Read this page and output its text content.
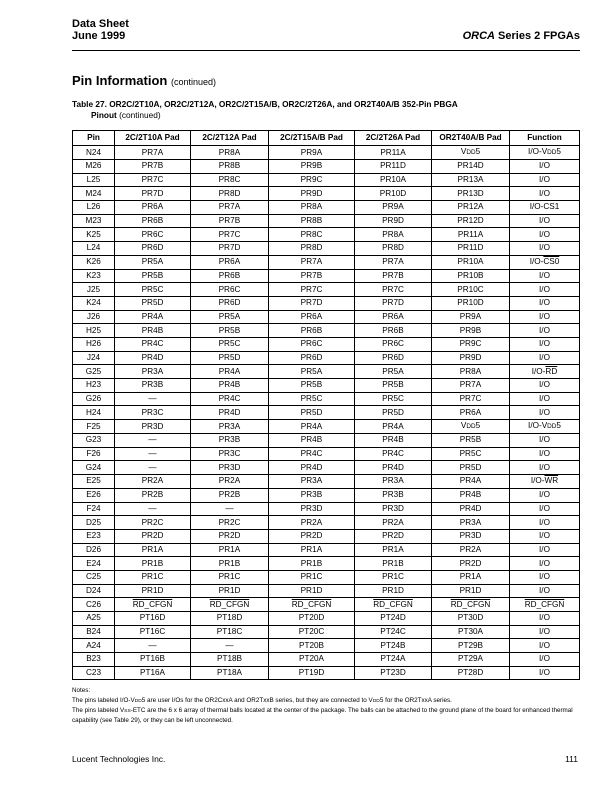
Data Sheet
June 1999	ORCA Series 2 FPGAs
Pin Information (continued)
Table 27. OR2C/2T10A, OR2C/2T12A, OR2C/2T15A/B, OR2C/2T26A, and OR2T40A/B 352-Pin PBGA
Pinout (continued)
Pin	2C/2T10A Pad	2C/2T12A Pad	2C/2T15A/B Pad	2C/2T26A Pad	OR2T40A/B Pad	Function
N24	PR7A	PR8A	PR9A	PR11A	VDD5	I/O-VDD5
M26	PR7B	PR8B	PR9B	PR11D	PR14D	I/O
L25	PR7C	PR8C	PR9C	PR10A	PR13A	I/O
M24	PR7D	PR8D	PR9D	PR10D	PR13D	I/O
L26	PR6A	PR7A	PR8A	PR9A	PR12A	I/O-CS1
M23	PR6B	PR7B	PR8B	PR9D	PR12D	I/O
K25	PR6C	PR7C	PR8C	PR8A	PR11A	I/O
L24	PR6D	PR7D	PR8D	PR8D	PR11D	I/O
K26	PR5A	PR6A	PR7A	PR7A	PR10A	I/O-CS0
K23	PR5B	PR6B	PR7B	PR7B	PR10B	I/O
J25	PR5C	PR6C	PR7C	PR7C	PR10C	I/O
K24	PR5D	PR6D	PR7D	PR7D	PR10D	I/O
J26	PR4A	PR5A	PR6A	PR6A	PR9A	I/O
H25	PR4B	PR5B	PR6B	PR6B	PR9B	I/O
H26	PR4C	PR5C	PR6C	PR6C	PR9C	I/O
J24	PR4D	PR5D	PR6D	PR6D	PR9D	I/O
G25	PR3A	PR4A	PR5A	PR5A	PR8A	$I/O-\overline{RD}$
H23	PR3B	PR4B	PR5B	PR5B	PR7A	I/O
G26	—	PR4C	PR5C	PR5C	PR7C	I/O
H24	PR3C	PR4D	PR5D	PR5D	PR6A	I/O
F25	PR3D	PR3A	PR4A	PR4A	VDD5	I/O-VDD5
G23	—	PR3B	PR4B	PR4B	PR5B	I/O
F26	—	PR3C	PR4C	PR4C	PR5C	I/O
G24	—	PR3D	PR4D	PR4D	PR5D	I/O
E25	PR2A	PR2A	PR3A	PR3A	PR4A	$I/O-\overline{WR}$
E26	PR2B	PR2B	PR3B	PR3B	PR4B	I/O
F24	—	—	PR3D	PR3D	PR4D	I/O
D25	PR2C	PR2C	PR2A	PR2A	PR3A	I/O
E23	PR2D	PR2D	PR2D	PR2D	PR3D	I/O
D26	PR1A	PR1A	PR1A	PR1A	PR2A	I/O
E24	PR1B	PR1B	PR1B	PR1B	PR2D	I/O
C25	PR1C	PR1C	PR1C	PR1C	PR1A	I/O
D24	PR1D	PR1D	PR1D	PR1D	PR1D	I/O
C26	RD_CFGN	RD_CFGN	RD_CFGN	RD_CFGN	RD_CFGN	RD_CFGN
A25	PT16D	PT18D	PT20D	PT24D	PT30D	I/O
B24	PT16C	PT18C	PT20C	PT24C	PT30A	I/O
A24	—	—	PT20B	PT24B	PT29B	I/O
B23	PT16B	PT18B	PT20A	PT24A	PT29A	I/O
C23	PT16A	PT18A	PT19D	PT23D	PT28D	I/O

Notes:

The pins labeled I/O-VDD5 are user I/Os for the OR2CxxA and OR2TxxB series, but they are connected to VDD5 for the OR2TxxA series.

The pins labeled VSS-ETC are the 6 x 6 array of thermal balls located at the center of the package. The balls can be attached to the ground plane of the board for enhanced thermal capability (see Table 29), or they can be left unconnected.

Lucent Technologies Inc.	111
